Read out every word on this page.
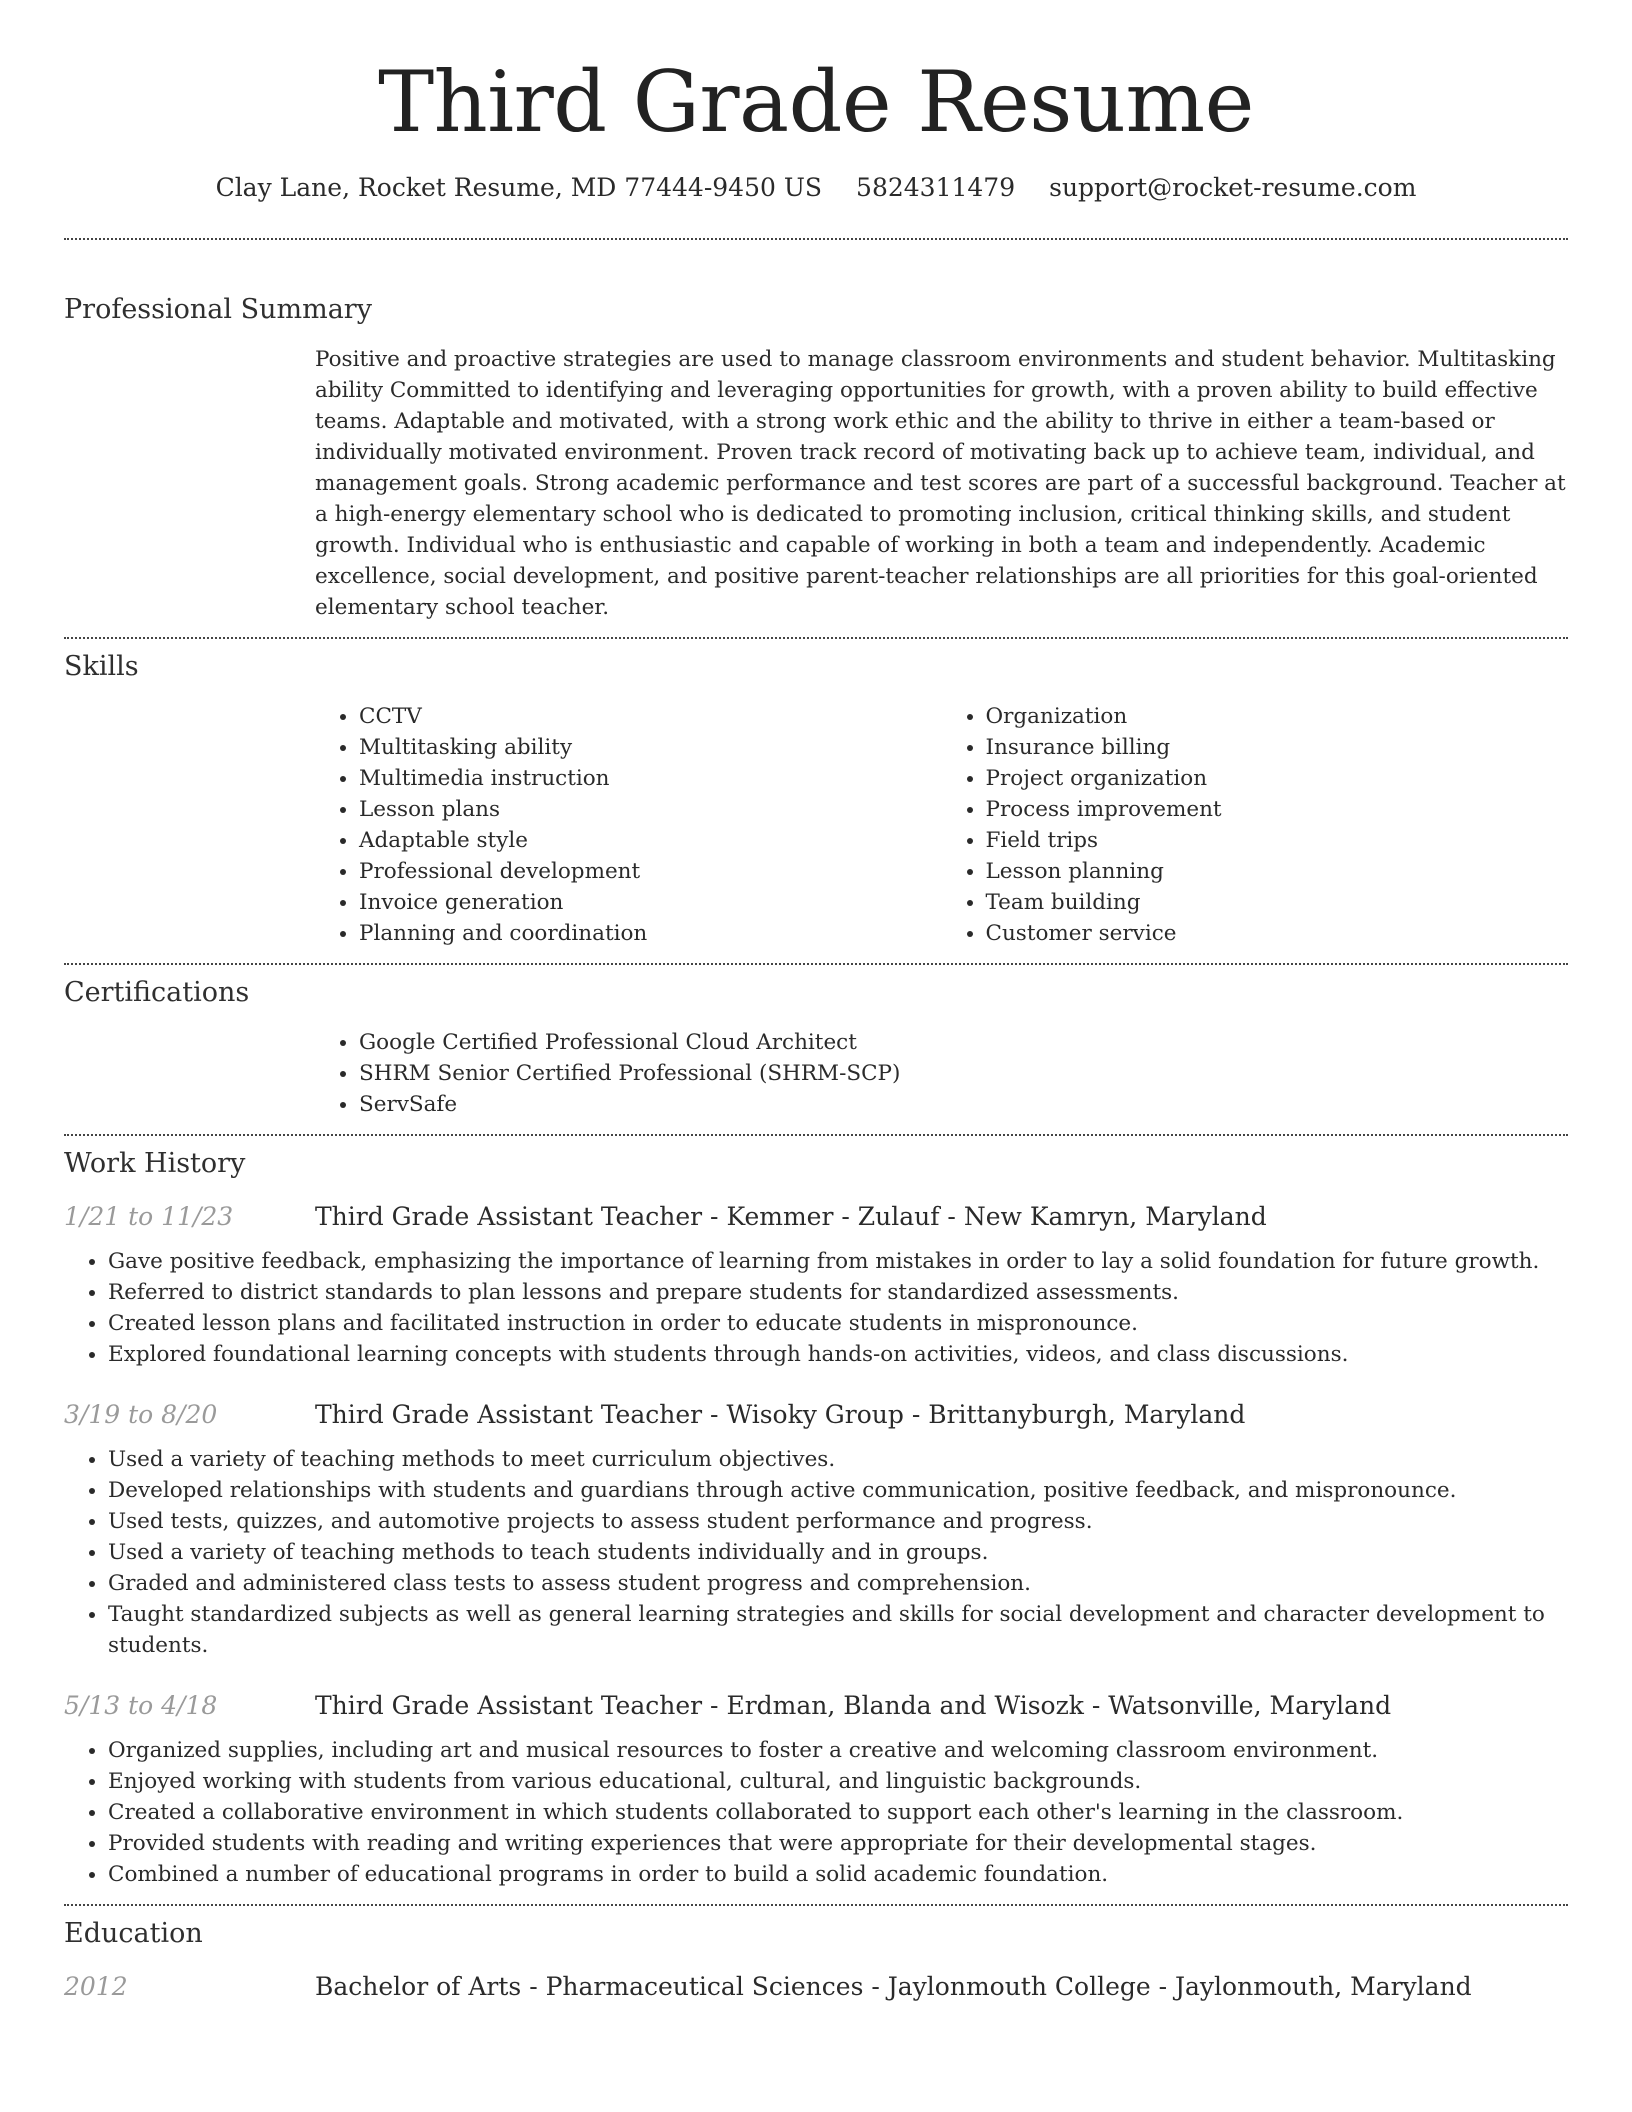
Third Grade Resume
Clay Lane, Rocket Resume, MD 77444-9450 US 5824311479 support@rocket-resume.com
Professional Summary

Positive and proactive strategies are used to manage classroom environments and student behavior. Multitasking ability Committed to identifying and leveraging opportunities for growth, with a proven ability to build effective teams. Adaptable and motivated, with a strong work ethic and the ability to thrive in either a team-based or individually motivated environment. Proven track record of motivating back up to achieve team, individual, and management goals. Strong academic performance and test scores are part of a successful background. Teacher at a high-energy elementary school who is dedicated to promoting inclusion, critical thinking skills, and student growth. Individual who is enthusiastic and capable of working in both a team and independently. Academic excellence, social development, and positive parent-teacher relationships are all priorities for this goal-oriented elementary school teacher.

Skills
• CCTV
• Multitasking ability
• Multimedia instruction
• Lesson plans
• Adaptable style
• Professional development
• Invoice generation
• Planning and coordination
• Organization
• Insurance billing
• Project organization
• Process improvement
• Field trips
• Lesson planning
• Team building
• Customer service
Certifications
• Google Certified Professional Cloud Architect
• SHRM Senior Certified Professional (SHRM-SCP)
• ServSafe
Work History
1/21 to 11/23	Third Grade Assistant Teacher - Kemmer - Zulauf - New Kamryn, Maryland
• Gave positive feedback, emphasizing the importance of learning from mistakes in order to lay a solid foundation for future growth.
• Referred to district standards to plan lessons and prepare students for standardized assessments.
• Created lesson plans and facilitated instruction in order to educate students in mispronounce.
• Explored foundational learning concepts with students through hands-on activities, videos, and class discussions.
3/19 to 8/20	Third Grade Assistant Teacher - Wisoky Group - Brittanyburgh, Maryland
• Used a variety of teaching methods to meet curriculum objectives.
• Developed relationships with students and guardians through active communication, positive feedback, and mispronounce.
• Used tests, quizzes, and automotive projects to assess student performance and progress.
• Used a variety of teaching methods to teach students individually and in groups.
• Graded and administered class tests to assess student progress and comprehension.
• Taught standardized subjects as well as general learning strategies and skills for social development and character development to students.
5/13 to 4/18	Third Grade Assistant Teacher - Erdman, Blanda and Wisozk - Watsonville, Maryland
• Organized supplies, including art and musical resources to foster a creative and welcoming classroom environment.
• Enjoyed working with students from various educational, cultural, and linguistic backgrounds.
• Created a collaborative environment in which students collaborated to support each other's learning in the classroom.
• Provided students with reading and writing experiences that were appropriate for their developmental stages.
• Combined a number of educational programs in order to build a solid academic foundation.
Education
2012	Bachelor of Arts - Pharmaceutical Sciences - Jaylonmouth College - Jaylonmouth, Maryland
